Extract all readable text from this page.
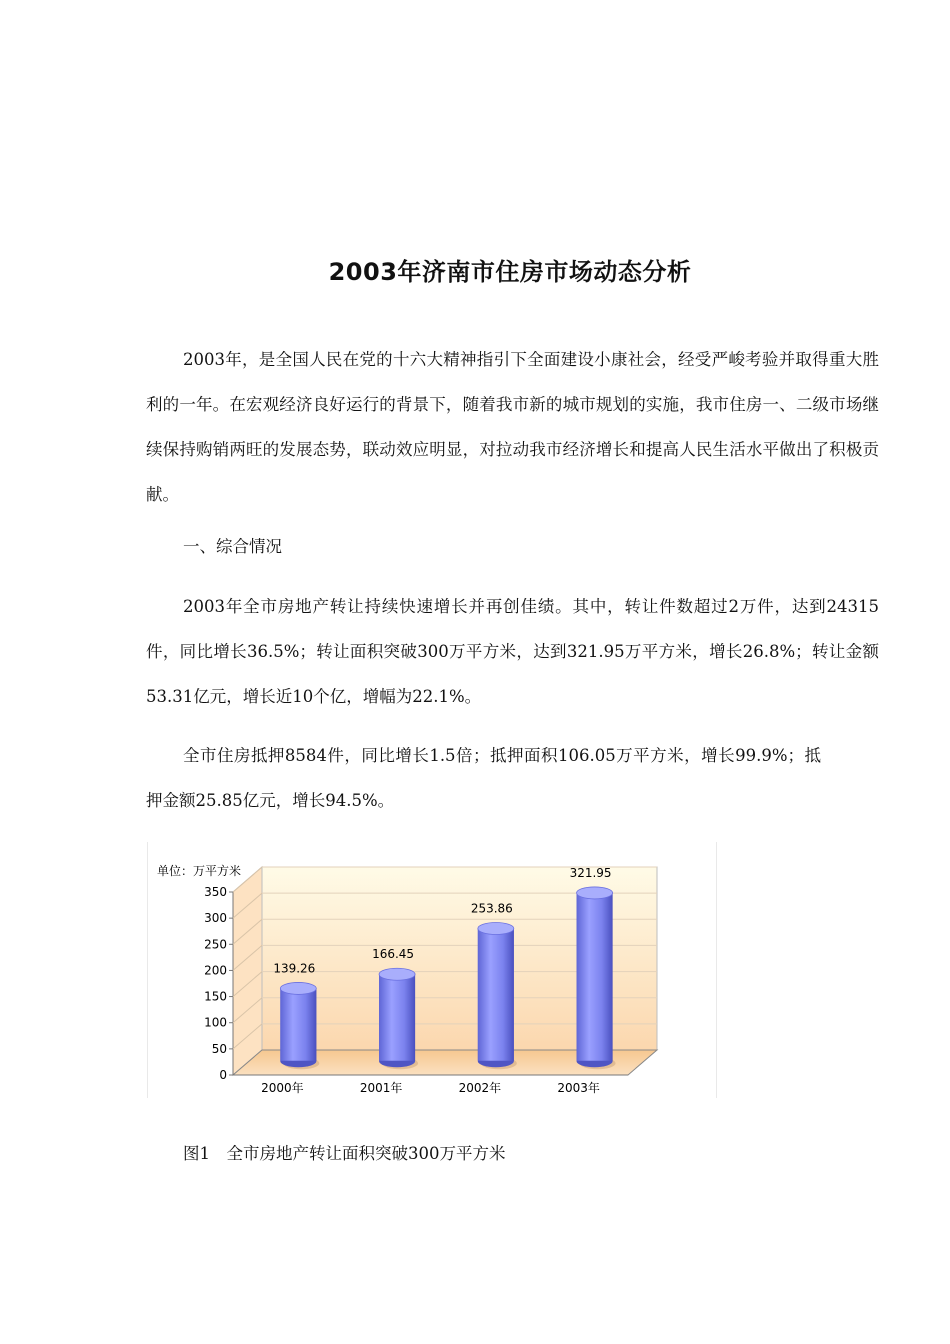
2003年济南市住房市场动态分析

2003年，是全国人民在党的十六大精神指引下全面建设小康社会，经受严峻考验并取得重大胜利的一年。在宏观经济良好运行的背景下，随着我市新的城市规划的实施，我市住房一、二级市场继续保持购销两旺的发展态势，联动效应明显，对拉动我市经济增长和提高人民生活水平做出了积极贡献。

一、综合情况

2003年全市房地产转让持续快速增长并再创佳绩。其中，转让件数超过2万件，达到24315件，同比增长36.5%；转让面积突破300万平方米，达到321.95万平方米，增长26.8%；转让金额53.31亿元，增长近10个亿，增幅为22.1%。

全市住房抵押8584件，同比增长1.5倍；抵押面积106.05万平方米，增长99.9%；抵押金额25.85亿元，增长94.5%。

0
50
100
150
200
250
300
350
139.26
166.45
253.86
321.95
2000年	2001年	2002年	2003年
单位：万平方米

图1　全市房地产转让面积突破300万平方米
